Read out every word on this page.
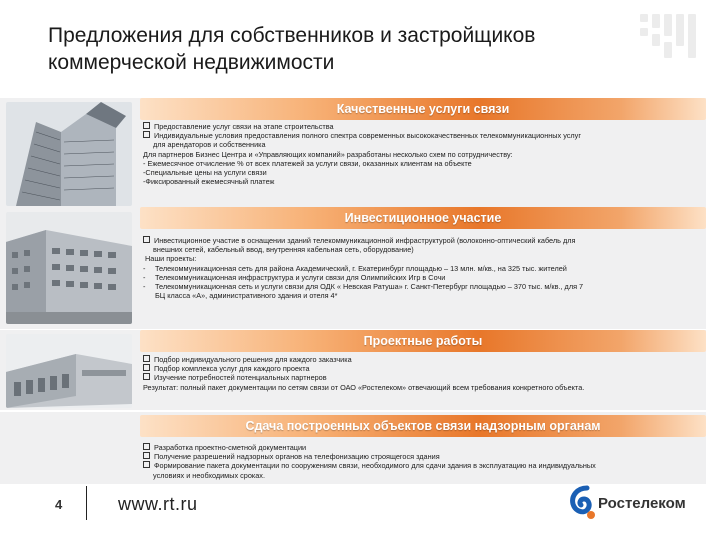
Предложения для собственников и застройщиков
коммерческой недвижимости
Качественные услуги связи
Предоставление услуг связи на этапе строительства
Индивидуальные условия предоставления полного спектра современных высококачественных телекоммуникационных услуг
для арендаторов и собственника
Для партнеров Бизнес Центра и «Управляющих компаний» разработаны несколько схем по сотрудничеству:
- Ежемесячное отчисление % от всех платежей за услуги связи, оказанных клиентам на объекте
-Специальные цены на услуги связи
-Фиксированный ежемесячный платеж
Инвестиционное участие
Инвестиционное участие в оснащении зданий телекоммуникационной инфраструктурой (волоконно-оптический кабель для
внешних сетей, кабельный ввод, внутренняя кабельная сеть, оборудование)
Наши проекты:
- Телекоммуникационная сеть для района Академический, г. Екатеринбург площадью – 13 млн. м/кв., на 325 тыс. жителей
- Телекоммуникационная инфраструктура и услуги связи для Олимпийских Игр в Сочи
- Телекоммуникационная сеть и услуги связи для ОДК « Невская Ратуша» г. Санкт-Петербург площадью – 370 тыс. м/кв., для 7
БЦ класса «А», административного здания и отеля 4*
Проектные работы
Подбор индивидуального решения для каждого заказчика
Подбор комплекса услуг для каждого проекта
Изучение потребностей потенциальных партнеров
Результат: полный пакет документации по сетям связи от ОАО «Ростелеком» отвечающий всем требования конкретного объекта.
Сдача построенных объектов связи надзорным органам
Разработка проектно-сметной документации
Получение разрешений надзорных органов на телефонизацию строящегося здания
Формирование пакета документации по сооружениям связи, необходимого для сдачи здания в эксплуатацию на индивидуальных
условиях и необходимых сроках.
4	www.rt.ru	Ростелеком
